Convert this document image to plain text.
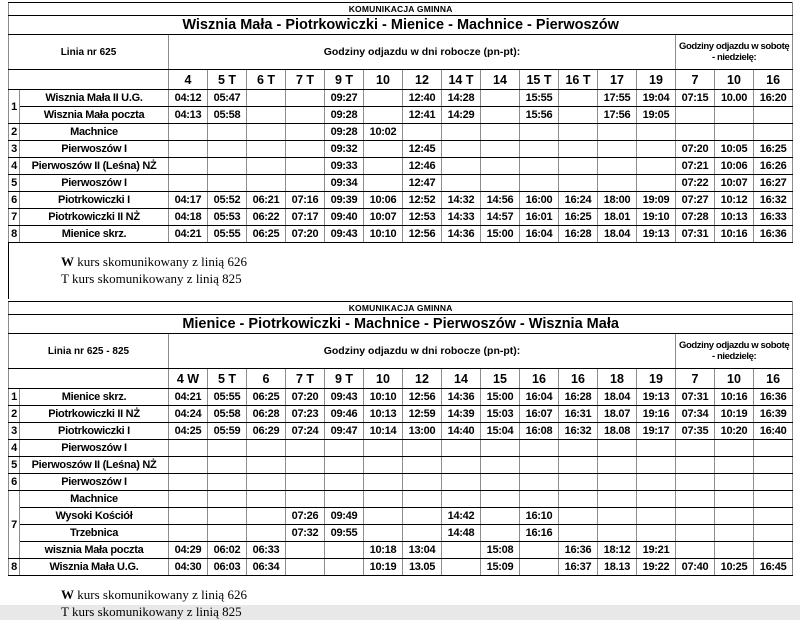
KOMUNIKACJA GMINNA																	
Wisznia Mała - Piotrkowiczki - Mienice - Machnice - Pierwoszów																	
Linia nr 625		Godziny odjazdu w dni robocze (pn-pt):													Godziny odjazdu w sobotę
- niedzielę:		

		4	5 T	6 T	7 T	9 T	10	12	14 T	14	15 T	16 T	17	19	7	10	16
1	Wisznia Mała II U.G.	04:12	05:47			09:27		12:40	14:28		15:55		17:55	19:04	07:15	10.00	16:20
	Wisznia Mała poczta	04:13	05:58			09:28		12:41	14:29		15:56		17:56	19:05			
2	Machnice					09:28	10:02										
3	Pierwoszów I					09:32		12:45							07:20	10:05	16:25
4	Pierwoszów II (Leśna) NŻ					09:33		12:46							07:21	10:06	16:26
5	Pierwoszów I					09:34		12:47							07:22	10:07	16:27
6	Piotrkowiczki I	04:17	05:52	06:21	07:16	09:39	10:06	12:52	14:32	14:56	16:00	16:24	18:00	19:09	07:27	10:12	16:32
7	Piotrkowiczki II NŻ	04:18	05:53	06:22	07:17	09:40	10:07	12:53	14:33	14:57	16:01	16:25	18.01	19:10	07:28	10:13	16:33
8	Mienice skrz.	04:21	05:55	06:25	07:20	09:43	10:10	12:56	14:36	15:00	16:04	16:28	18.04	19:13	07:31	10:16	16:36
W kurs skomunikowany z linią 626
T kurs skomunikowany z linią 825
KOMUNIKACJA GMINNA																	
Mienice - Piotrkowiczki - Machnice - Pierwoszów - Wisznia Mała																	
Linia nr 625 - 825		Godziny odjazdu w dni robocze (pn-pt):													Godziny odjazdu w sobotę
- niedzielę:		

		4 W	5 T	6	7 T	9 T	10	12	14	15	16	16	18	19	7	10	16
1	Mienice skrz.	04:21	05:55	06:25	07:20	09:43	10:10	12:56	14:36	15:00	16:04	16:28	18.04	19:13	07:31	10:16	16:36
2	Piotrkowiczki II NŻ	04:24	05:58	06:28	07:23	09:46	10:13	12:59	14:39	15:03	16:07	16:31	18.07	19:16	07:34	10:19	16:39
3	Piotrkowiczki I	04:25	05:59	06:29	07:24	09:47	10:14	13:00	14:40	15:04	16:08	16:32	18.08	19:17	07:35	10:20	16:40
4	Pierwoszów I																
5	Pierwoszów II (Leśna) NŻ																
6	Pierwoszów I																
7	Machnice																
	Wysoki Kościół				07:26	09:49			14:42		16:10						
	Trzebnica				07:32	09:55			14:48		16:16						
	wisznia Mała poczta	04:29	06:02	06:33			10:18	13:04		15:08		16:36	18:12	19:21			
8	Wisznia Mała U.G.	04:30	06:03	06:34			10:19	13.05		15:09		16:37	18.13	19:22	07:40	10:25	16:45
W kurs skomunikowany z linią 626
T kurs skomunikowany z linią 825
